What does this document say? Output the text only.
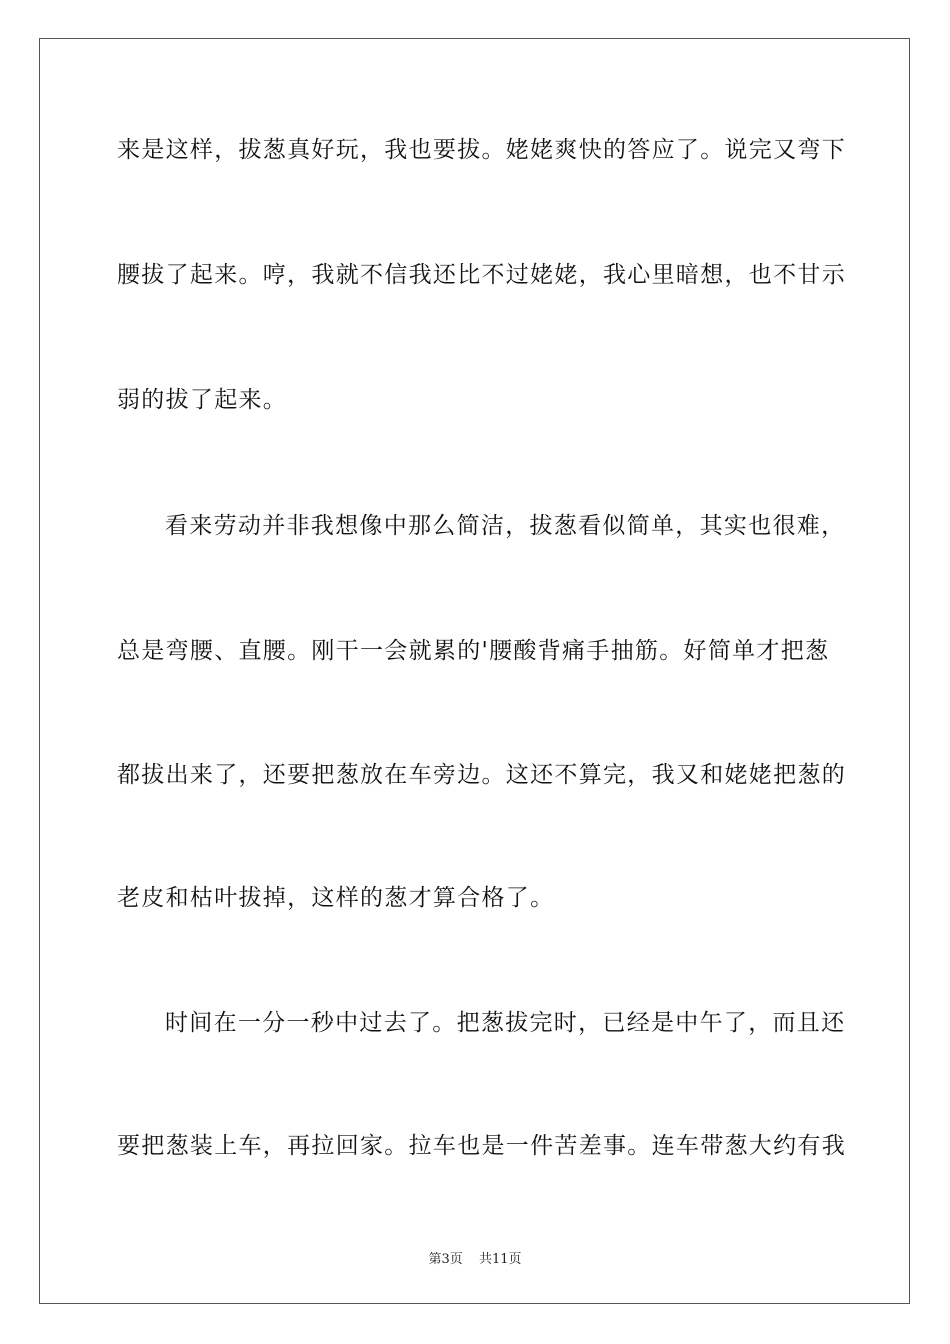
来是这样，拔葱真好玩，我也要拔。姥姥爽快的答应了。说完又弯下
腰拔了起来。哼，我就不信我还比不过姥姥，我心里暗想，也不甘示
弱的拔了起来。
看来劳动并非我想像中那么简洁，拔葱看似简单，其实也很难，
总是弯腰、直腰。刚干一会就累的'腰酸背痛手抽筋。好简单才把葱
都拔出来了，还要把葱放在车旁边。这还不算完，我又和姥姥把葱的
老皮和枯叶拔掉，这样的葱才算合格了。
时间在一分一秒中过去了。把葱拔完时，已经是中午了，而且还
要把葱装上车，再拉回家。拉车也是一件苦差事。连车带葱大约有我
第3页 共11页
